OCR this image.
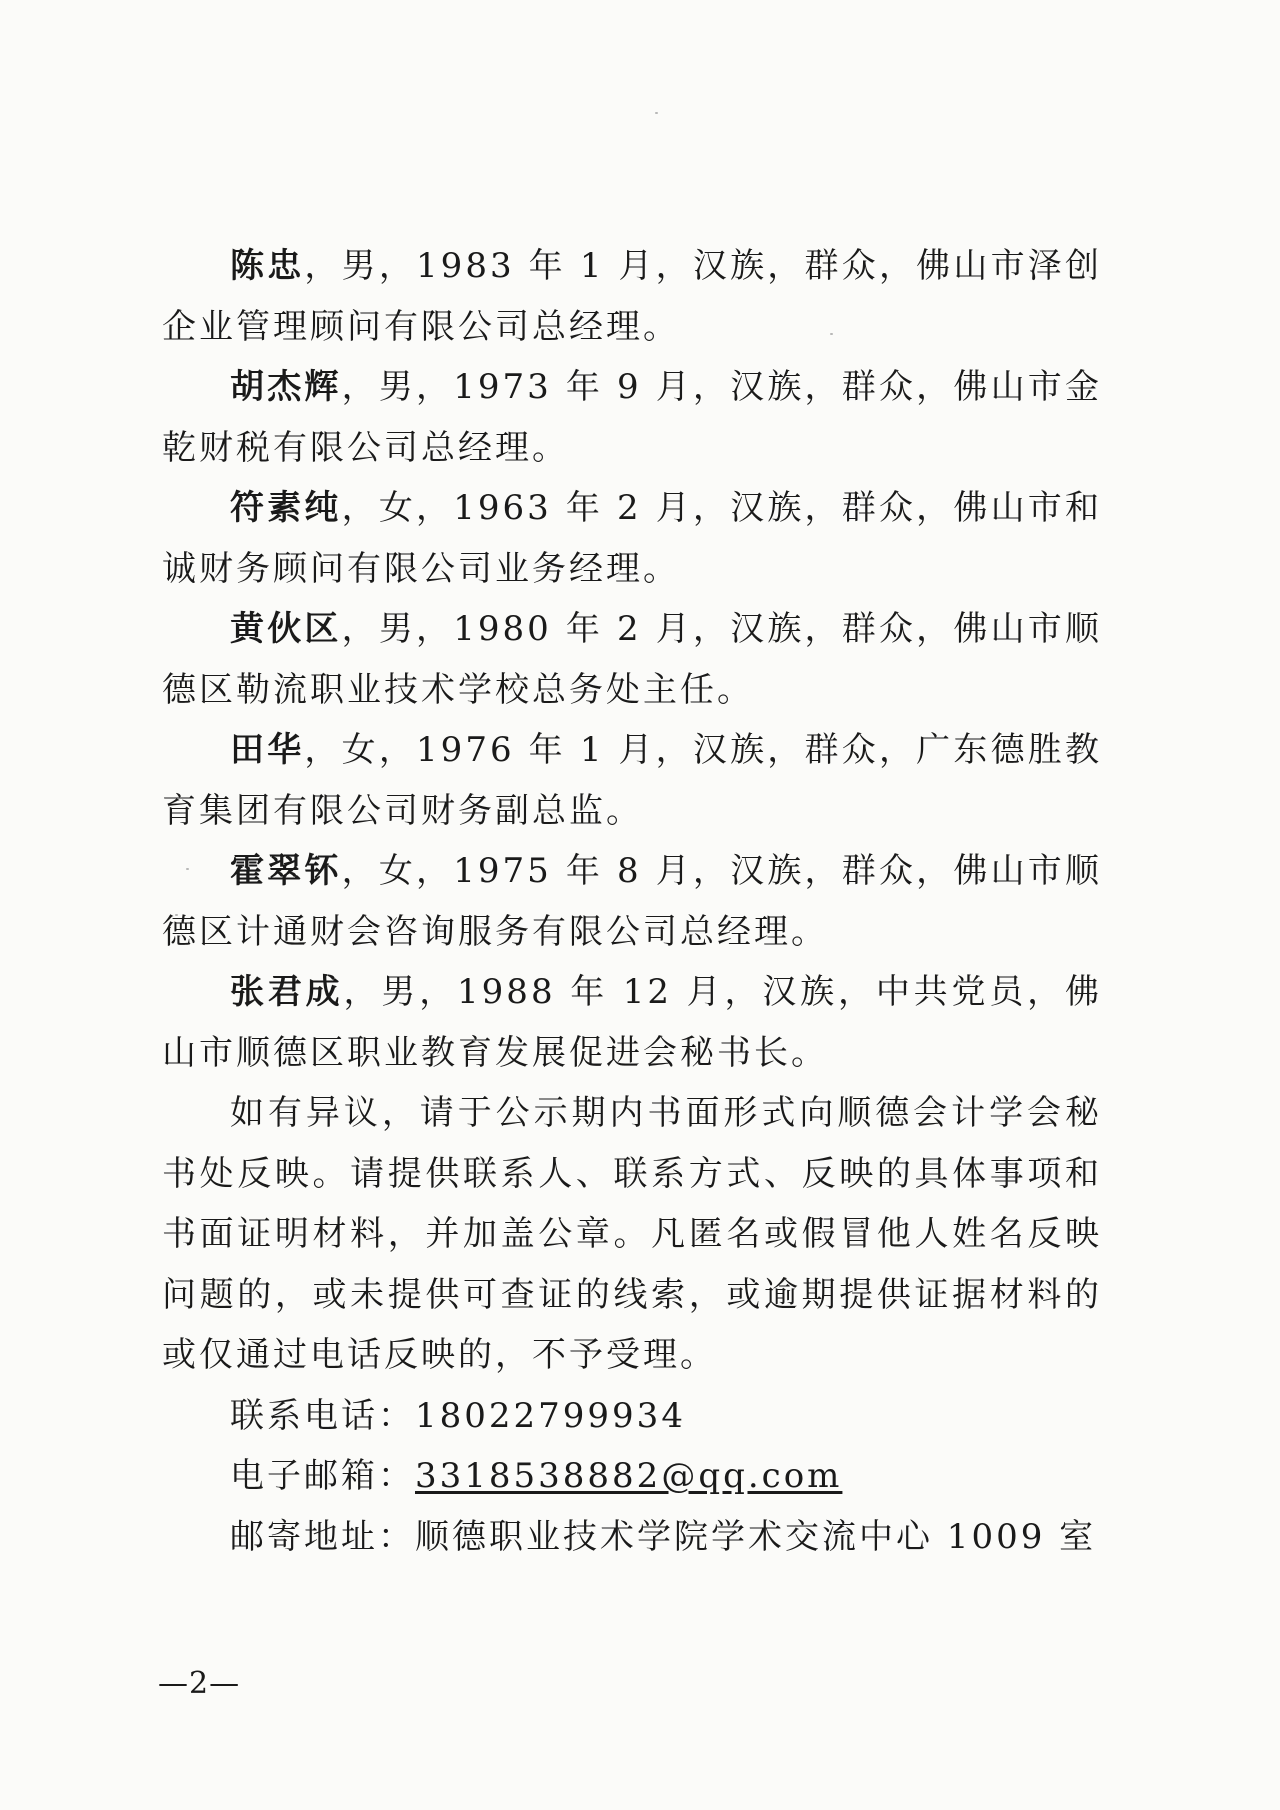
陈忠，男，1983 年 1 月，汉族，群众，佛山市泽创企业管理顾问有限公司总经理。

胡杰辉，男，1973 年 9 月，汉族，群众，佛山市金乾财税有限公司总经理。

符素纯，女，1963 年 2 月，汉族，群众，佛山市和诚财务顾问有限公司业务经理。

黄伙区，男，1980 年 2 月，汉族，群众，佛山市顺德区勒流职业技术学校总务处主任。

田华，女，1976 年 1 月，汉族，群众，广东德胜教育集团有限公司财务副总监。

霍翠钚，女，1975 年 8 月，汉族，群众，佛山市顺德区计通财会咨询服务有限公司总经理。

张君成，男，1988 年 12 月，汉族，中共党员，佛山市顺德区职业教育发展促进会秘书长。

如有异议，请于公示期内书面形式向顺德会计学会秘书处反映。请提供联系人、联系方式、反映的具体事项和书面证明材料，并加盖公章。凡匿名或假冒他人姓名反映问题的，或未提供可查证的线索，或逾期提供证据材料的或仅通过电话反映的，不予受理。

联系电话：18022799934

电子邮箱：3318538882@qq.com

邮寄地址：顺德职业技术学院学术交流中心 1009 室

—2—
